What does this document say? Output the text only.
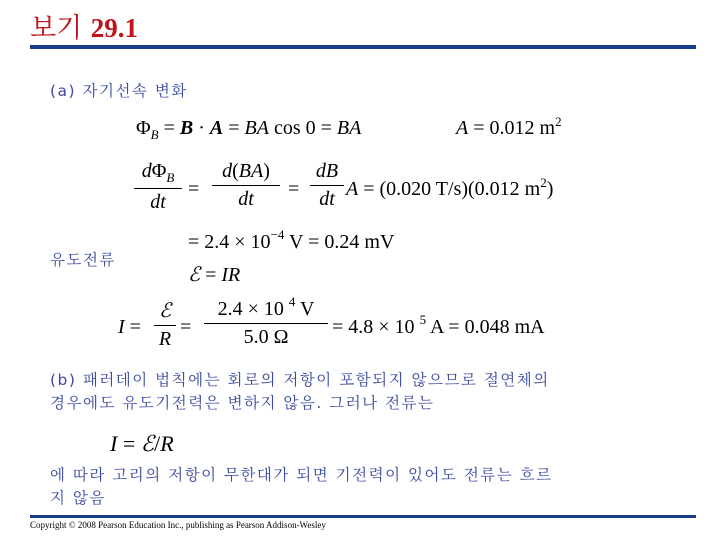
보기 29.1
(a) 자기선속 변화
$\Phi_B = B \cdot A$ = BA cos 0 = BA	A = 0.012 $m^2$
$d\Phi_B$
dt
= $\frac{d(BA)}{dt} = \frac{dB}{dt}$ A = (0.020 T/s)(0.012 $m^2$)
= $2.4 \times 10^{-4}$ V = 0.24 mV
유도전류
ℰ = IR
I =
ℰ
R
= $\frac{2.4 \times 10 ^4 V}{5.0 \Omega} = 4.8 \times 10$ $^5$ A = 0.048 mA
(b) 패러데이 법칙에는 회로의 저항이 포함되지 않으므로 절연체의
경우에도 유도기전력은 변하지 않음. 그러나 전류는
I = ℰ/R
에 따라 고리의 저항이 무한대가 되면 기전력이 있어도 전류는 흐르
지 않음
Copyright © 2008 Pearson Education Inc., publishing as Pearson Addison-Wesley
